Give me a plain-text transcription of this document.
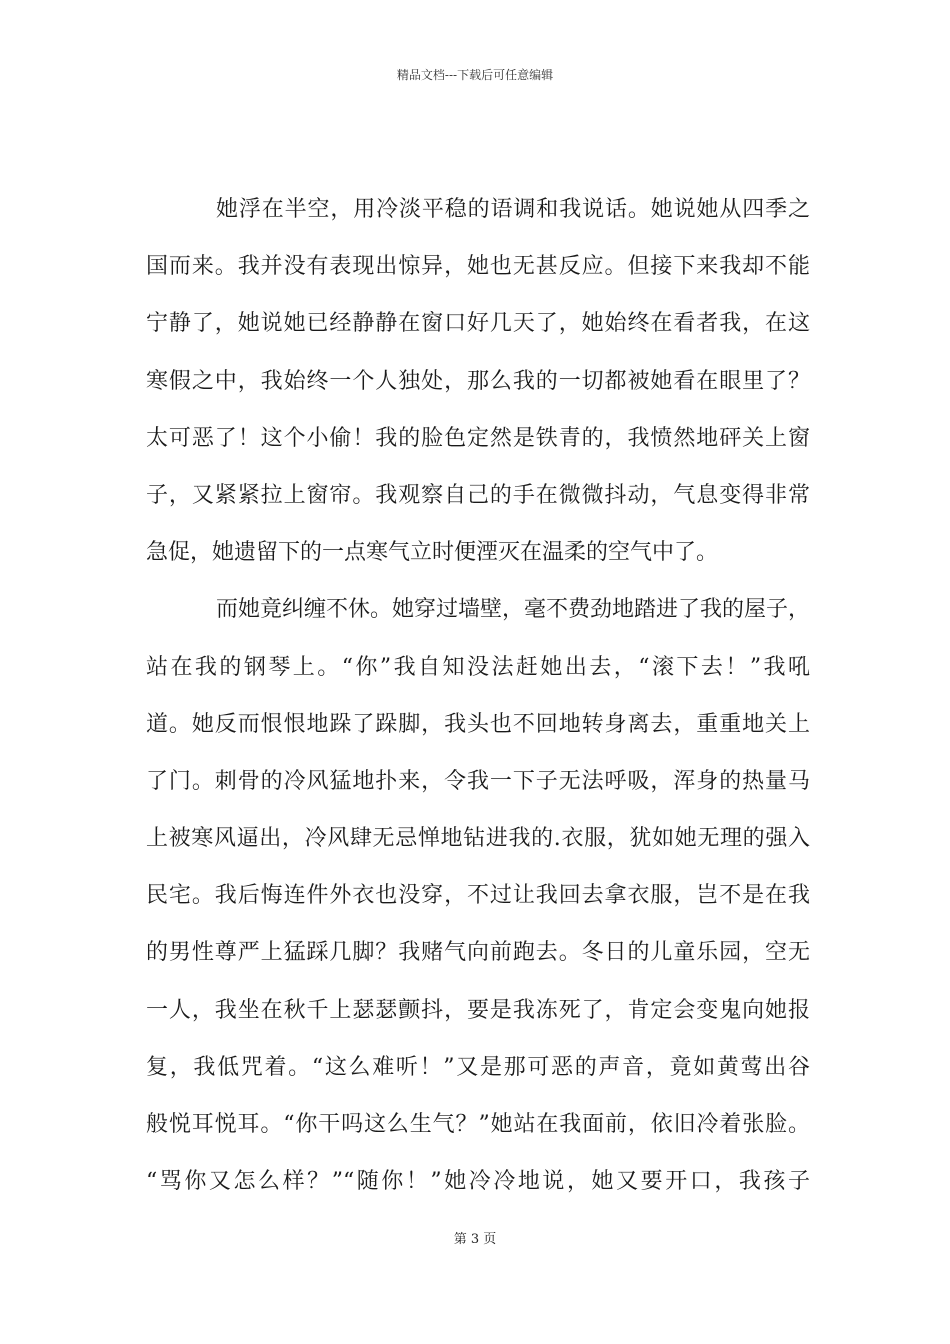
精品文档---下载后可任意编辑
她浮在半空，用冷淡平稳的语调和我说话。她说她从四季之
国而来。我并没有表现出惊异，她也无甚反应。但接下来我却不能
宁静了，她说她已经静静在窗口好几天了，她始终在看者我，在这
寒假之中，我始终一个人独处，那么我的一切都被她看在眼里了？
太可恶了！这个小偷！我的脸色定然是铁青的，我愤然地砰关上窗
子，又紧紧拉上窗帘。我观察自己的手在微微抖动，气息变得非常
急促，她遗留下的一点寒气立时便湮灭在温柔的空气中了。
而她竟纠缠不休。她穿过墙壁，毫不费劲地踏进了我的屋子，
站在我的钢琴上。“你”我自知没法赶她出去，“滚下去！”我吼
道。她反而恨恨地跺了跺脚，我头也不回地转身离去，重重地关上
了门。刺骨的冷风猛地扑来，令我一下子无法呼吸，浑身的热量马
上被寒风逼出，冷风肆无忌惮地钻进我的.衣服，犹如她无理的强入
民宅。我后悔连件外衣也没穿，不过让我回去拿衣服，岂不是在我
的男性尊严上猛踩几脚？我赌气向前跑去。冬日的儿童乐园，空无
一人，我坐在秋千上瑟瑟颤抖，要是我冻死了，肯定会变鬼向她报
复，我低咒着。“这么难听！”又是那可恶的声音，竟如黄莺出谷
般悦耳悦耳。“你干吗这么生气？”她站在我面前，依旧冷着张脸。
“骂你又怎么样？”“随你！”她冷冷地说，她又要开口，我孩子
第 3 页
